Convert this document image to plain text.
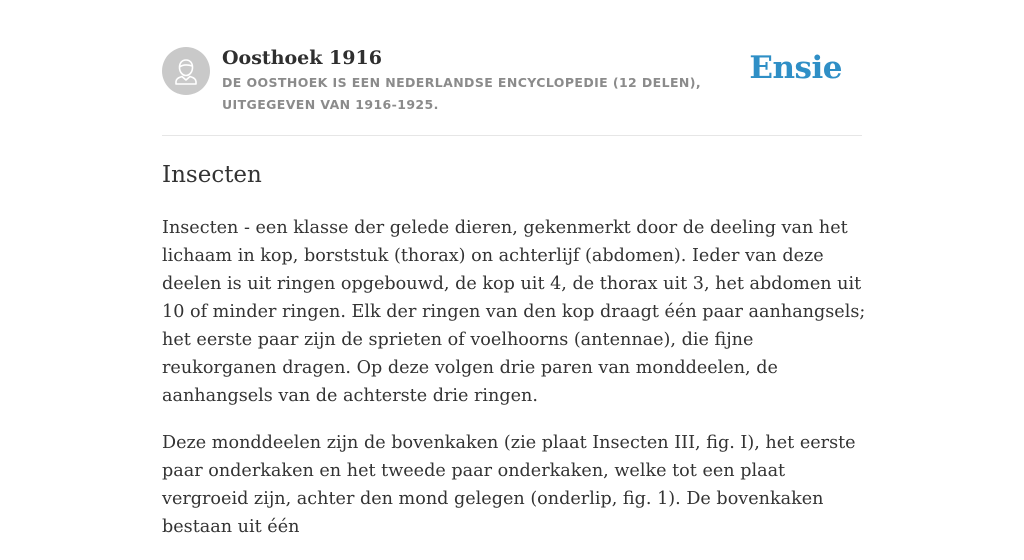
Oosthoek 1916

DE OOSTHOEK IS EEN NEDERLANDSE ENCYCLOPEDIE (12 DELEN), UITGEGEVEN VAN 1916-1925.

Ensie
Insecten

Insecten - een klasse der gelede dieren, gekenmerkt door de deeling van het lichaam in kop, borststuk (thorax) on achterlijf (abdomen). Ieder van deze deelen is uit ringen opgebouwd, de kop uit 4, de thorax uit 3, het abdomen uit 10 of minder ringen. Elk der ringen van den kop draagt één paar aanhangsels; het eerste paar zijn de sprieten of voelhoorns (antennae), die fijne reukorganen dragen. Op deze volgen drie paren van monddeelen, de aanhangsels van de achterste drie ringen.

Deze monddeelen zijn de bovenkaken (zie plaat Insecten III, fig. I), het eerste paar onderkaken en het tweede paar onderkaken, welke tot een plaat vergroeid zijn, achter den mond gelegen (onderlip, fig. 1). De bovenkaken bestaan uit één
